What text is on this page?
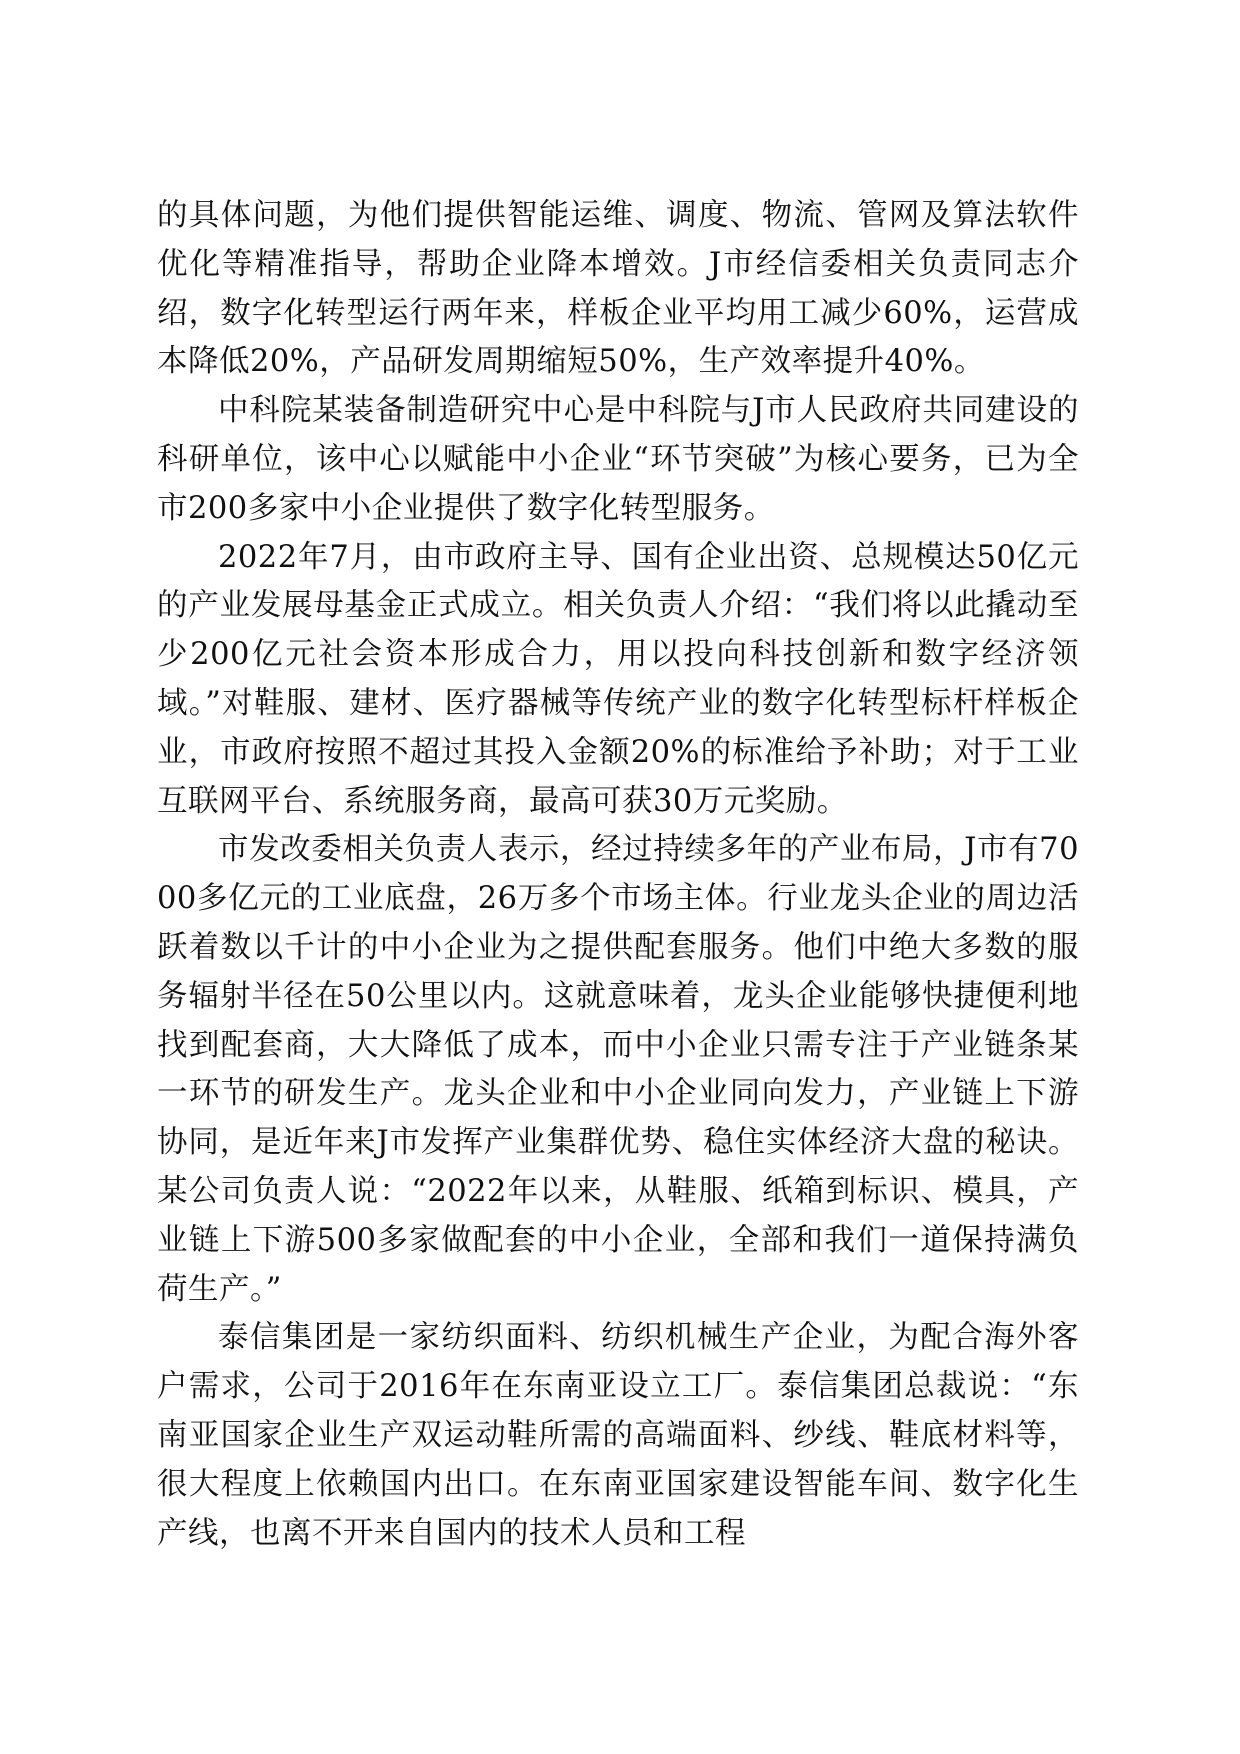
的具体问题，为他们提供智能运维、调度、物流、管网及算法软件优化等精准指导，帮助企业降本增效。J市经信委相关负责同志介绍，数字化转型运行两年来，样板企业平均用工减少60%，运营成本降低20%，产品研发周期缩短50%，生产效率提升40%。

中科院某装备制造研究中心是中科院与J市人民政府共同建设的科研单位，该中心以赋能中小企业“环节突破”为核心要务，已为全市200多家中小企业提供了数字化转型服务。

2022年7月，由市政府主导、国有企业出资、总规模达50亿元的产业发展母基金正式成立。相关负责人介绍：“我们将以此撬动至少200亿元社会资本形成合力，用以投向科技创新和数字经济领域。”对鞋服、建材、医疗器械等传统产业的数字化转型标杆样板企业，市政府按照不超过其投入金额20%的标准给予补助；对于工业互联网平台、系统服务商，最高可获30万元奖励。

市发改委相关负责人表示，经过持续多年的产业布局，J市有7000多亿元的工业底盘，26万多个市场主体。行业龙头企业的周边活跃着数以千计的中小企业为之提供配套服务。他们中绝大多数的服务辐射半径在50公里以内。这就意味着，龙头企业能够快捷便利地找到配套商，大大降低了成本，而中小企业只需专注于产业链条某一环节的研发生产。龙头企业和中小企业同向发力，产业链上下游协同，是近年来J市发挥产业集群优势、稳住实体经济大盘的秘诀。某公司负责人说：“2022年以来，从鞋服、纸箱到标识、模具，产业链上下游500多家做配套的中小企业，全部和我们一道保持满负荷生产。”

泰信集团是一家纺织面料、纺织机械生产企业，为配合海外客户需求，公司于2016年在东南亚设立工厂。泰信集团总裁说：“东南亚国家企业生产双运动鞋所需的高端面料、纱线、鞋底材料等，很大程度上依赖国内出口。在东南亚国家建设智能车间、数字化生产线，也离不开来自国内的技术人员和工程
